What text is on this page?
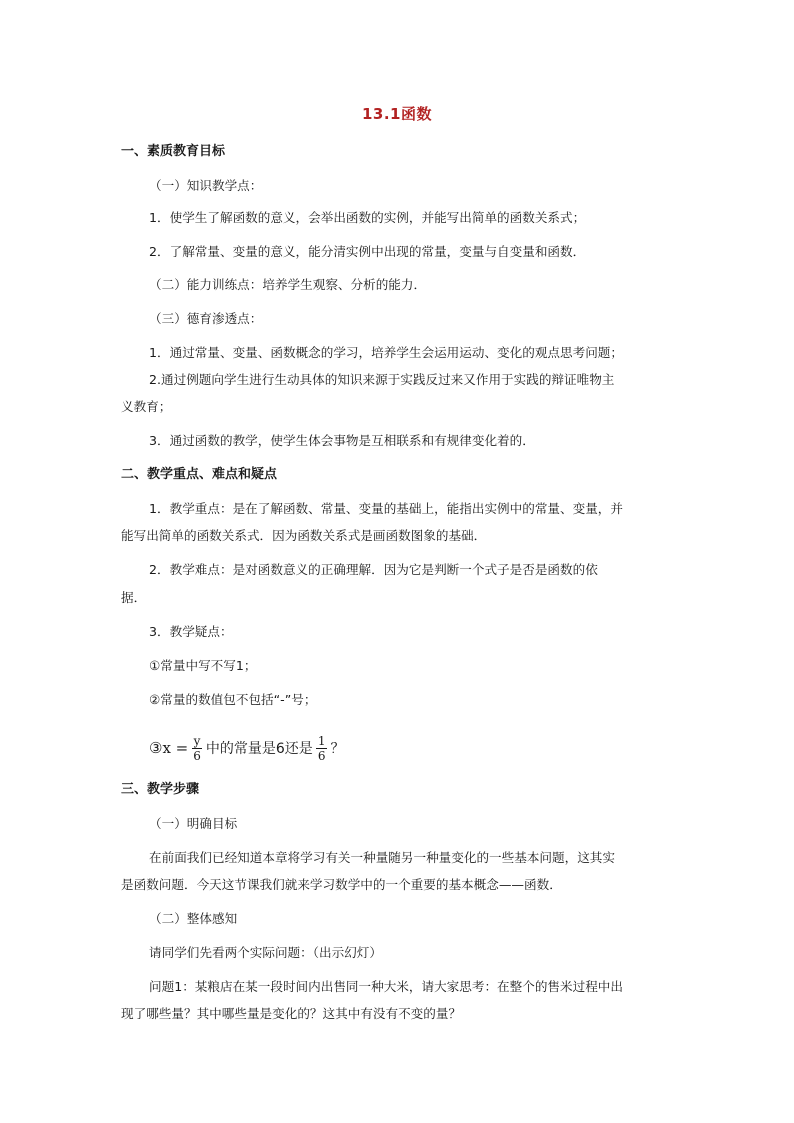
13.1函数
一、素质教育目标
（一）知识教学点：
1．使学生了解函数的意义，会举出函数的实例，并能写出简单的函数关系式；
2．了解常量、变量的意义，能分清实例中出现的常量，变量与自变量和函数．
（二）能力训练点：培养学生观察、分析的能力．
（三）德育渗透点：
1．通过常量、变量、函数概念的学习，培养学生会运用运动、变化的观点思考问题；
2.通过例题向学生进行生动具体的知识来源于实践反过来又作用于实践的辩证唯物主
义教育；
3．通过函数的教学，使学生体会事物是互相联系和有规律变化着的．
二、教学重点、难点和疑点
1．教学重点：是在了解函数、常量、变量的基础上，能指出实例中的常量、变量，并
能写出简单的函数关系式．因为函数关系式是画函数图象的基础．
2．教学难点：是对函数意义的正确理解．因为它是判断一个式子是否是函数的依
据．
3．教学疑点：
①常量中写不写1；
②常量的数值包不包括“-”号；
③x = $\frac{y}{6}$ 中的常量是6还是 $\frac{1}{6}$ ？
三、教学步骤
（一）明确目标
在前面我们已经知道本章将学习有关一种量随另一种量变化的一些基本问题，这其实
是函数问题．今天这节课我们就来学习数学中的一个重要的基本概念——函数．
（二）整体感知
请同学们先看两个实际问题：（出示幻灯）
问题1：某粮店在某一段时间内出售同一种大米，请大家思考：在整个的售米过程中出
现了哪些量？其中哪些量是变化的？这其中有没有不变的量？
